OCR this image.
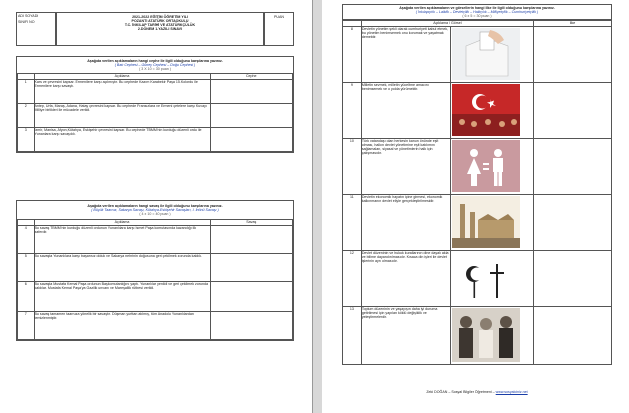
ADI SOYADI
SINIFI NO
2021-2022 EĞİTİM ÖĞRETİM YILI
POZANTI ATATÜRK ORTAOKULU
T.C. İNKILAP TARİHİ VE ATATÜRKÇÜLÜK
2.DÖNEM 1.YAZILI SINAVI
PUAN
Aşağıda verilen açıklamaların hangi cephe ile ilgili olduğunu karşılarına yazınız.
( Batı Cephesi – Güney Cephesi – Doğu Cephesi )
( 3 X 10 = 30 puan )
	Açıklama	Cephe
1	Kars ve çevresini kapsar. Ermenilere karşı açılmıştır. Bu cephede Kazım Karabekir Paşa 15.Kolordu ile Ermenilere karşı savaştı.	
2	Antep, Urfa, Maraş, Adana, Hatay çevresini kapsar. Bu cephede Fransızlara ve Ermeni çetelere karşı Kuvayı Milliye birlikleri ile mücadele verildi.	
3	İzmir, Manisa, Afyon,Kütahya, Eskişehir çevresini kapsar. Bu cephede TBMM'nin kurduğu düzenli ordu ile Yunanlara karşı savaşıldı.	
Aşağıda verilen açıklamaların hangi savaş ile ilgili olduğunu karşılarına yazınız.
( Büyük Taarruz, Sakarya Savaşı, Kütahya-Eskişehir Savaşları, I. İnönü Savaşı )
( 4 x 10 = 40 puan )
	Açıklama	Savaş
4	Bu savaş TBMM'nin kurduğu düzenli ordunun Yunanlılara karşı İsmet Paşa komutasında kazandığı ilk zaferdir.	
5	Bu savaşta Yunanlılara karşı başarısız olduk ve Sakarya nehrinin doğusuna geri çekilmek zorunda kaldık.	
6	Bu savaşta Mustafa Kemal Paşa ordunun Başkomutanlığını yaptı. Yunanlılar yenildi ve geri çekilmek zorunda kaldılar. Mustafa Kemal Paşa'ya Gazilik unvanı ve Mareşallik rütbesi verildi.	
7	Bu savaş tamamen taarruza yönelik bir savaştır. Düşman yurttan atılmış, tüm Anadolu Yunanlılardan temizlenmiştir.	
Aşağıda verilen açıklamaların ve görsellerin hangi ilke ile ilgili olduğunu karşılarına yazınız.
( İnkılapçılık – Laiklik – Devletçilik – Halkçılık – Milliyetçilik – Cumhuriyetçilik )
( 6 x 5 = 30 puan )
	Açıklama / Görsel		İlke
8	Devletin yönetim şekli olarak cumhuriyeti kabul etmek, bu yönetim benimsemek onu korumak ve yaşatmak demektir.	

9	Milletin sevmek, milletin yüceltme amacını benimsemek ve o yolda yürümektir.	

10	Türk vatandaşı olan herkesin kanun önünde eşit olması, halkın devlet yönetimine eşit katılımını sağlamaları, siyasal ve yönetimlerin halk için çalışmasıdır.	

11	Devletin ekonomik hayatın içine girmesi, ekonomik kalkınmanın devlet eliyle gerçekleştirilmesidir.	

12	Devlet düzeninin ve hukuk kurallarının dine dayalı akla ve bilime dayandırılmasıdır. Kısaca din işleri ile devlet işlerinin ayrı olmasıdır.	

13	Toplum düzeninin ve yaşayışın daha iyi duruma getirilmesi için yapılan köklü değişiklik ve yeleştirmelerdir.	

Zeki DOĞAN – Sosyal Bilgiler Öğretmeni – www.sosyalciniz.net
